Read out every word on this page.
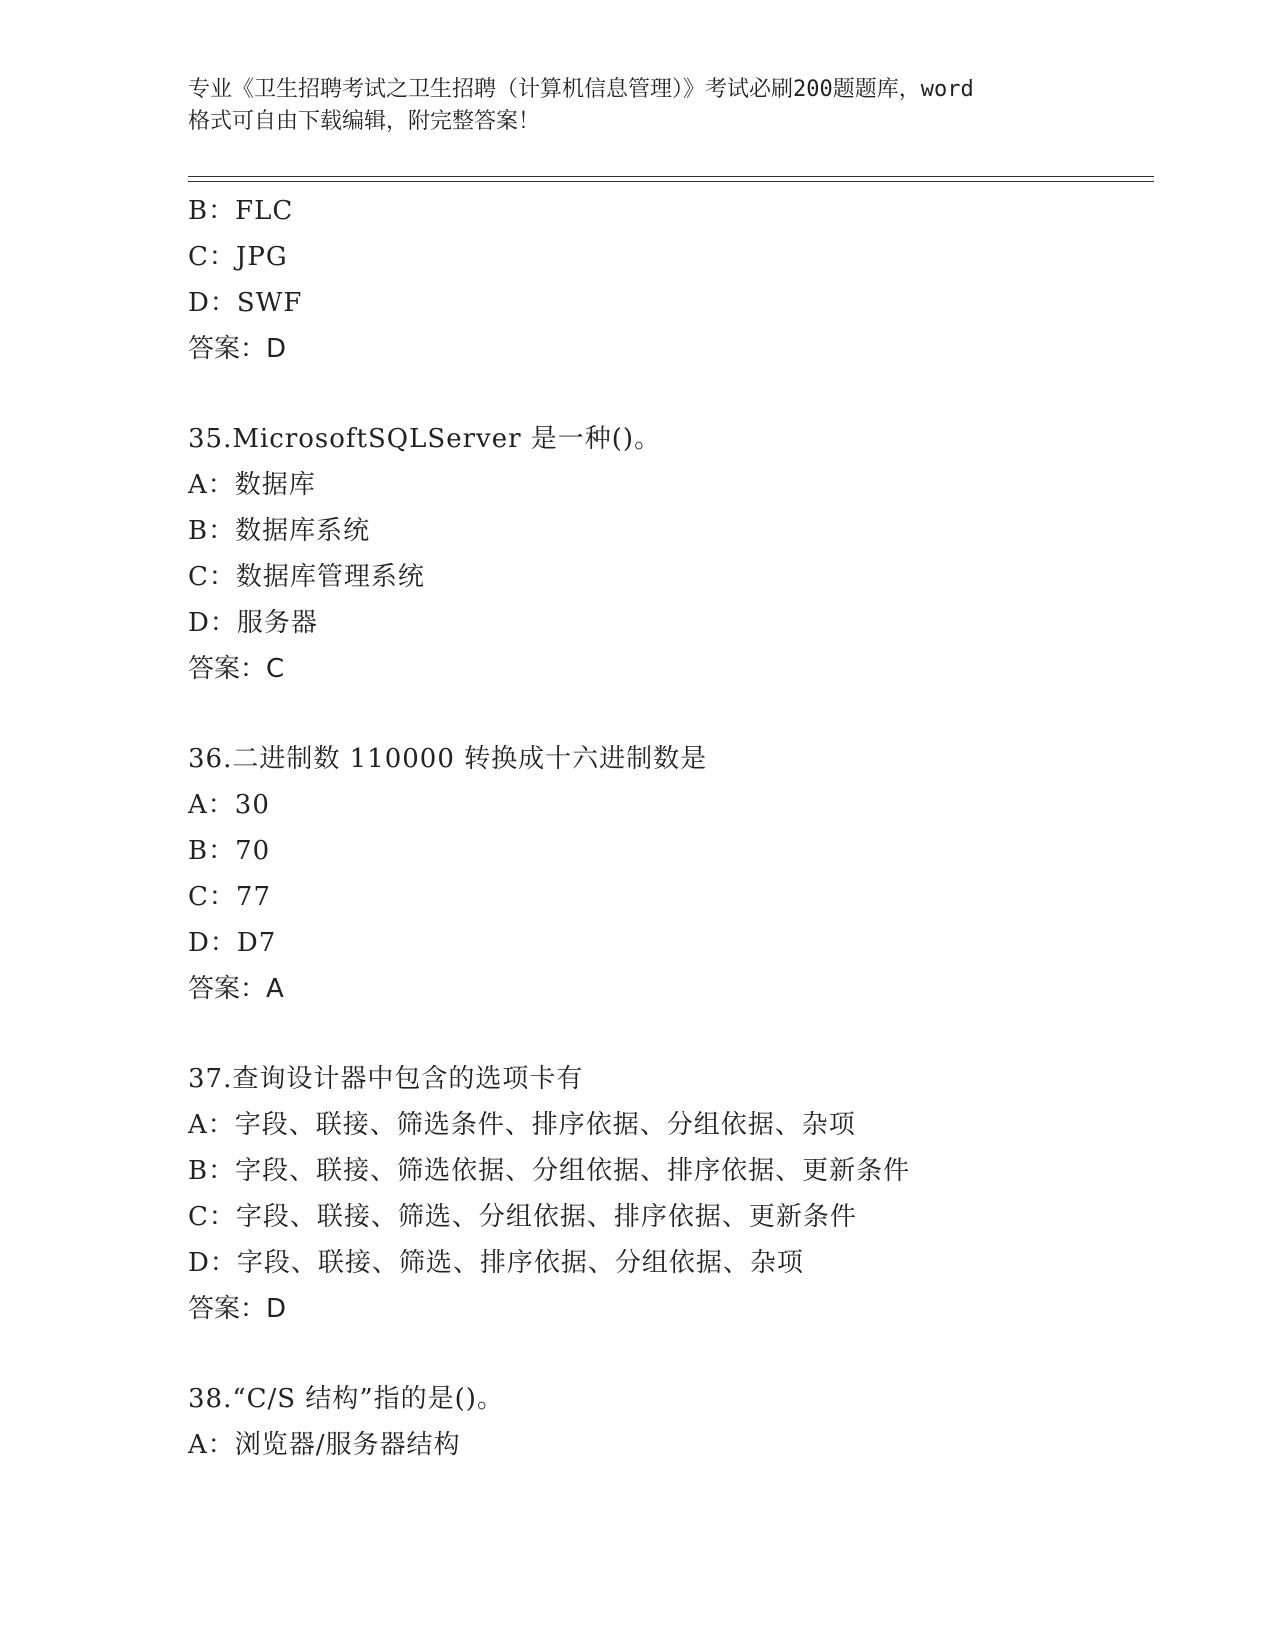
专业《卫生招聘考试之卫生招聘（计算机信息管理）》考试必刷200题题库，word
格式可自由下载编辑，附完整答案！
B：FLC
C：JPG
D：SWF
答案：D
35.MicrosoftSQLServer 是一种()。
A：数据库
B：数据库系统
C：数据库管理系统
D：服务器
答案：C
36.二进制数 110000 转换成十六进制数是
A：30
B：70
C：77
D：D7
答案：A
37.查询设计器中包含的选项卡有
A：字段、联接、筛选条件、排序依据、分组依据、杂项
B：字段、联接、筛选依据、分组依据、排序依据、更新条件
C：字段、联接、筛选、分组依据、排序依据、更新条件
D：字段、联接、筛选、排序依据、分组依据、杂项
答案：D
38.“C/S 结构”指的是()。
A：浏览器/服务器结构
